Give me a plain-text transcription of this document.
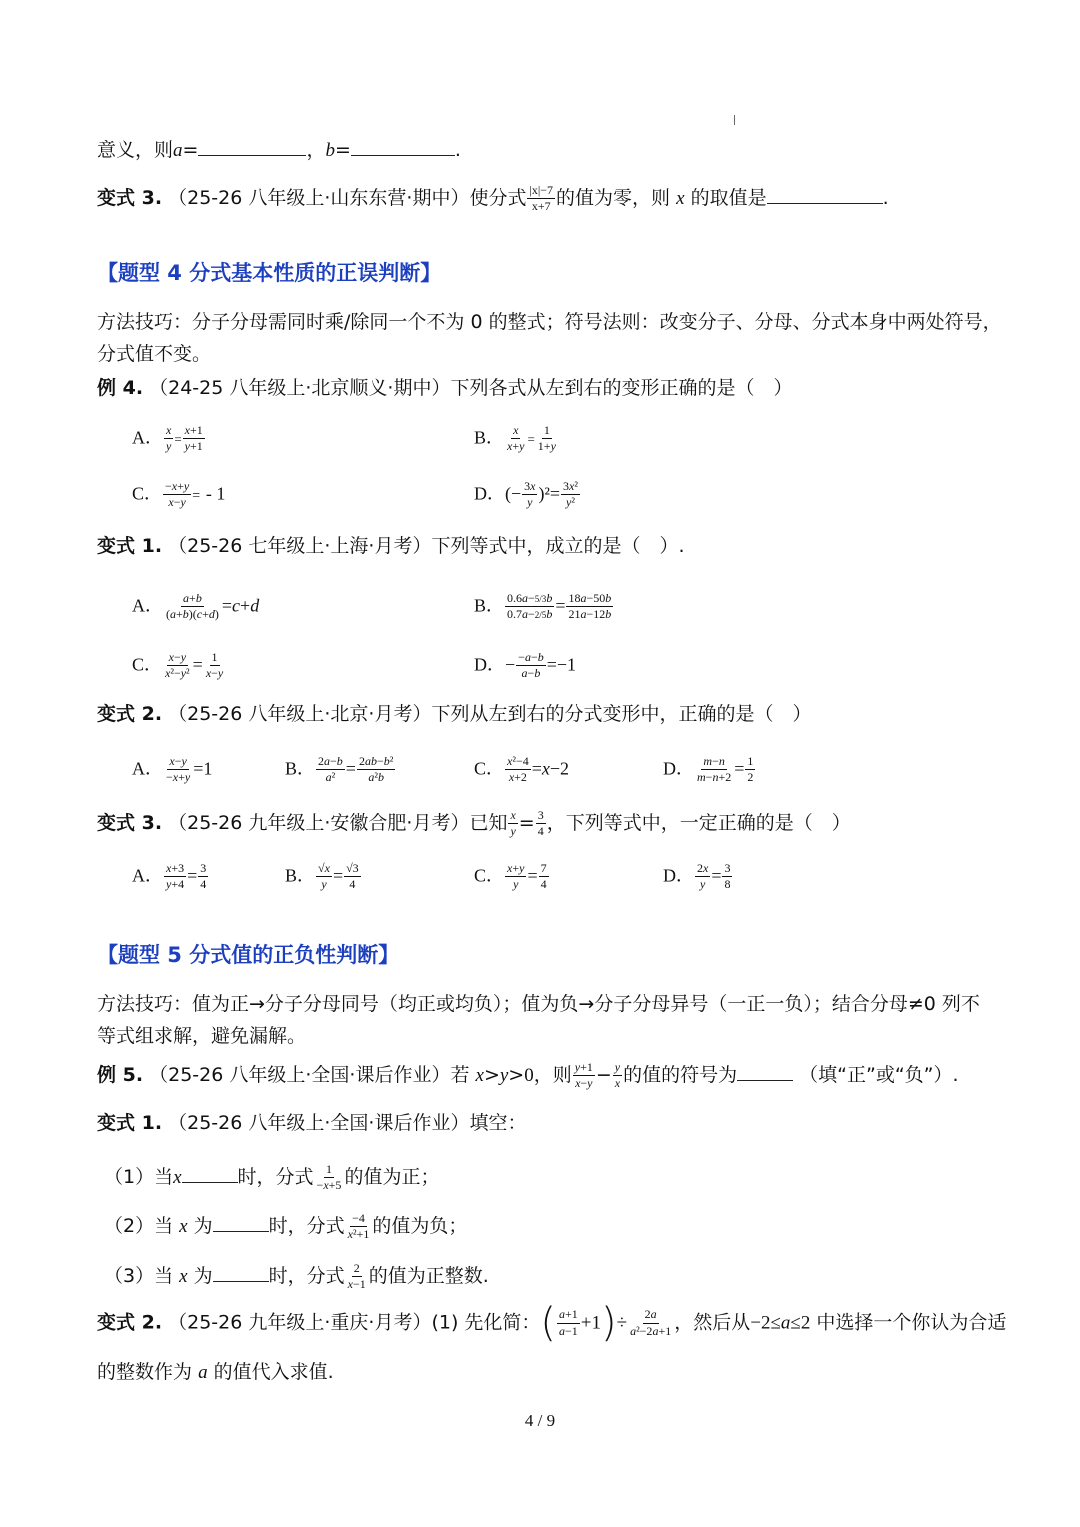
意义，则a=	，b=	.
变式 3. （25-26 八年级上·山东东营·期中）使分式 $\frac{|x|-7}{x+7}$ 的值为零，则 x 的取值是	.
【题型 4 分式基本性质的正误判断】
方法技巧：分子分母需同时乘/除同一个不为 0 的整式；符号法则：改变分子、分母、分式本身中两处符号，
分式值不变。
例 4. （24-25 八年级上·北京顺义·期中）下列各式从左到右的变形正确的是（　）
A． $\frac{x}{y} = \frac{x+1}{y+1}$	B． $\frac{x}{x+y} = \frac{1}{1+y}$
C． $\frac{-x+y}{x-y}$ = - 1	D．(− $\frac{3x}{y} )^2= \frac{\text{3x²}}{\text{y²}}$
变式 1. （25-26 七年级上·上海·月考）下列等式中，成立的是（　）.
A． $\frac{a+b}{(a+b)(c+d)} =c+d$	B． $\frac{0.6a-5/3b}{0.7a-2/5b} = \frac{18a-50b}{21a-12b}$
C． $\frac{x-y}{\text{x²−y²}} = \frac{1}{x-y}$	D．− $\frac{-a-b}{a-b} =-1$
变式 2. （25-26 八年级上·北京·月考）下列从左到右的分式变形中，正确的是（　）
A． $\frac{x-y}{-x+y} =1$	B． $\frac{2a-b}{\text{a²}} = \frac{\text{2ab−b²}}{\text{a²b}}$	C． $\frac{\text{x²−4}}{x+2} =x-2$	D． $\frac{m-n}{m-n+2} = \frac{1}{2}$
变式 3. （25-26 九年级上·安徽合肥·月考）已知 $\frac{x}{y} = \frac{3}{4}$ ，下列等式中，一定正确的是（　）
A． $\frac{x+3}{y+4} = \frac{3}{4}$	B． $\frac{√x}{y} = \frac{√3}{4}$	C． $\frac{x+y}{y} = \frac{7}{4}$	D． $\frac{2x}{y} = \frac{3}{8}$
【题型 5 分式值的正负性判断】
方法技巧：值为正→分子分母同号（均正或均负）；值为负→分子分母异号（一正一负）；结合分母≠0 列不
等式组求解，避免漏解。
例 5. （25-26 八年级上·全国·课后作业）若 x>y>0，则 $\frac{y+1}{x-y} - \frac{y}{x}$ 的值的符号为	（填“正”或“负”）.
变式 1. （25-26 八年级上·全国·课后作业）填空：
（1）当x	时，分式 $\frac{1}{-x+5}$ 的值为正；
（2）当 x 为	时，分式 $\frac{-4}{\text{x²+1}}$ 的值为负；
（3）当 x 为	时，分式 $\frac{2}{x-1}$ 的值为正整数.
变式 2. （25-26 九年级上·重庆·月考）(1) 先化简：( $\frac{a+1}{a-1} +1)\div \frac{2a}{\text{a²−2a+1}}$ ，然后从−2≤a≤2 中选择一个你认为合适
的整数作为 a 的值代入求值.
4 / 9
